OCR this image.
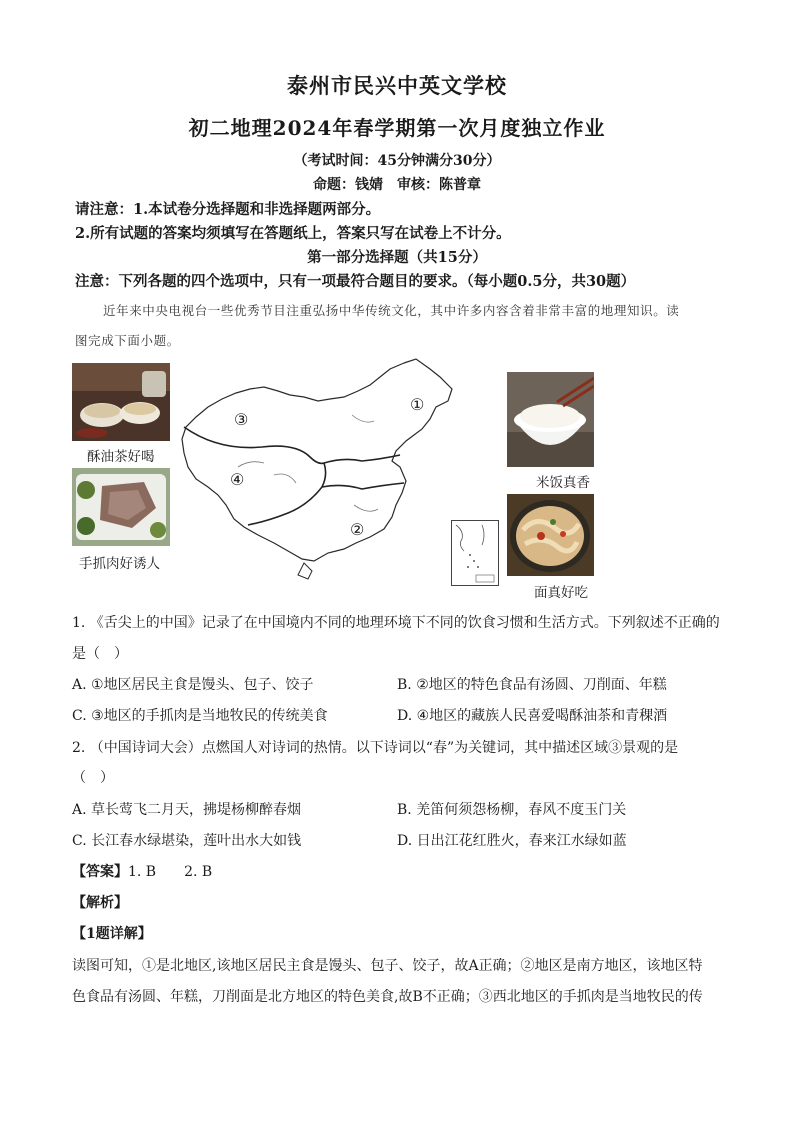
泰州市民兴中英文学校
初二地理2024年春学期第一次月度独立作业
（考试时间：45分钟满分30分）
命题：钱婧　审核：陈普章
请注意：1.本试卷分选择题和非选择题两部分。
2.所有试题的答案均须填写在答题纸上，答案只写在试卷上不计分。
第一部分选择题（共15分）
注意：下列各题的四个选项中，只有一项最符合题目的要求。（每小题0.5分，共30题）
近年来中央电视台一些优秀节目注重弘扬中华传统文化，其中许多内容含着非常丰富的地理知识。读
图完成下面小题。
酥油茶好喝
手抓肉好诱人
米饭真香
面真好吃
①
②
③
④
1. 《舌尖上的中国》记录了在中国境内不同的地理环境下不同的饮食习惯和生活方式。下列叙述不正确的
是（　）
A. ①地区居民主食是馒头、包子、饺子	B. ②地区的特色食品有汤圆、刀削面、年糕
C. ③地区的手抓肉是当地牧民的传统美食	D. ④地区的藏族人民喜爱喝酥油茶和青稞酒
2. （中国诗词大会）点燃国人对诗词的热情。以下诗词以“春”为关键词，其中描述区域③景观的是
（　）
A. 草长莺飞二月天，拂堤杨柳醉春烟	B. 羌笛何须怨杨柳，春风不度玉门关
C. 长江春水绿堪染，莲叶出水大如钱	D. 日出江花红胜火，春来江水绿如蓝
【答案】1. B　　2. B
【解析】
【1题详解】
读图可知，①是北地区,该地区居民主食是馒头、包子、饺子，故A正确；②地区是南方地区，该地区特
色食品有汤圆、年糕，刀削面是北方地区的特色美食,故B不正确；③西北地区的手抓肉是当地牧民的传
